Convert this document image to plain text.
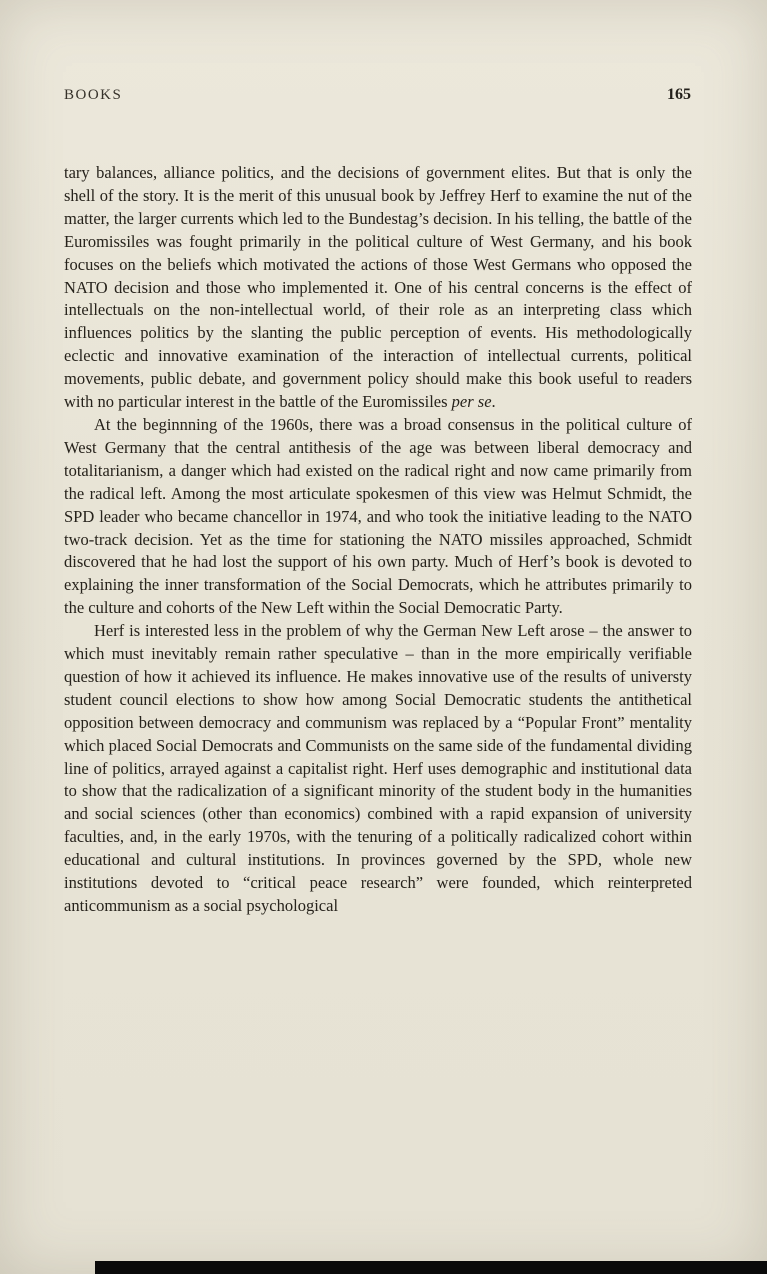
BOOKS	165

tary balances, alliance politics, and the decisions of government elites. But that is only the shell of the story. It is the merit of this unusual book by Jeffrey Herf to examine the nut of the matter, the larger currents which led to the Bundestag’s decision. In his telling, the battle of the Euromissiles was fought primarily in the political culture of West Germany, and his book focuses on the beliefs which motivated the actions of those West Germans who opposed the NATO decision and those who implemented it. One of his central concerns is the effect of intellectuals on the non-intellectual world, of their role as an interpreting class which influences politics by the slanting the public perception of events. His methodologically eclectic and innovative examination of the interaction of intellectual currents, political movements, public debate, and government policy should make this book useful to readers with no particular interest in the battle of the Euromissiles per se.

At the beginnning of the 1960s, there was a broad consensus in the political culture of West Germany that the central antithesis of the age was between liberal democracy and totalitarianism, a danger which had existed on the radical right and now came primarily from the radical left. Among the most articulate spokesmen of this view was Helmut Schmidt, the SPD leader who became chancellor in 1974, and who took the initiative leading to the NATO two-track decision. Yet as the time for stationing the NATO missiles approached, Schmidt discovered that he had lost the support of his own party. Much of Herf’s book is devoted to explaining the inner transformation of the Social Democrats, which he attributes primarily to the culture and cohorts of the New Left within the Social Democratic Party.

Herf is interested less in the problem of why the German New Left arose – the answer to which must inevitably remain rather speculative – than in the more empirically verifiable question of how it achieved its influence. He makes innovative use of the results of universty student council elections to show how among Social Democratic students the antithetical opposition between democracy and communism was replaced by a “Popular Front” mentality which placed Social Democrats and Communists on the same side of the fundamental dividing line of politics, arrayed against a capitalist right. Herf uses demographic and institutional data to show that the radicalization of a significant minority of the student body in the humanities and social sciences (other than economics) combined with a rapid expansion of university faculties, and, in the early 1970s, with the tenuring of a politically radicalized cohort within educational and cultural institutions. In provinces governed by the SPD, whole new institutions devoted to “critical peace research” were founded, which reinterpreted anticommunism as a social psychological
